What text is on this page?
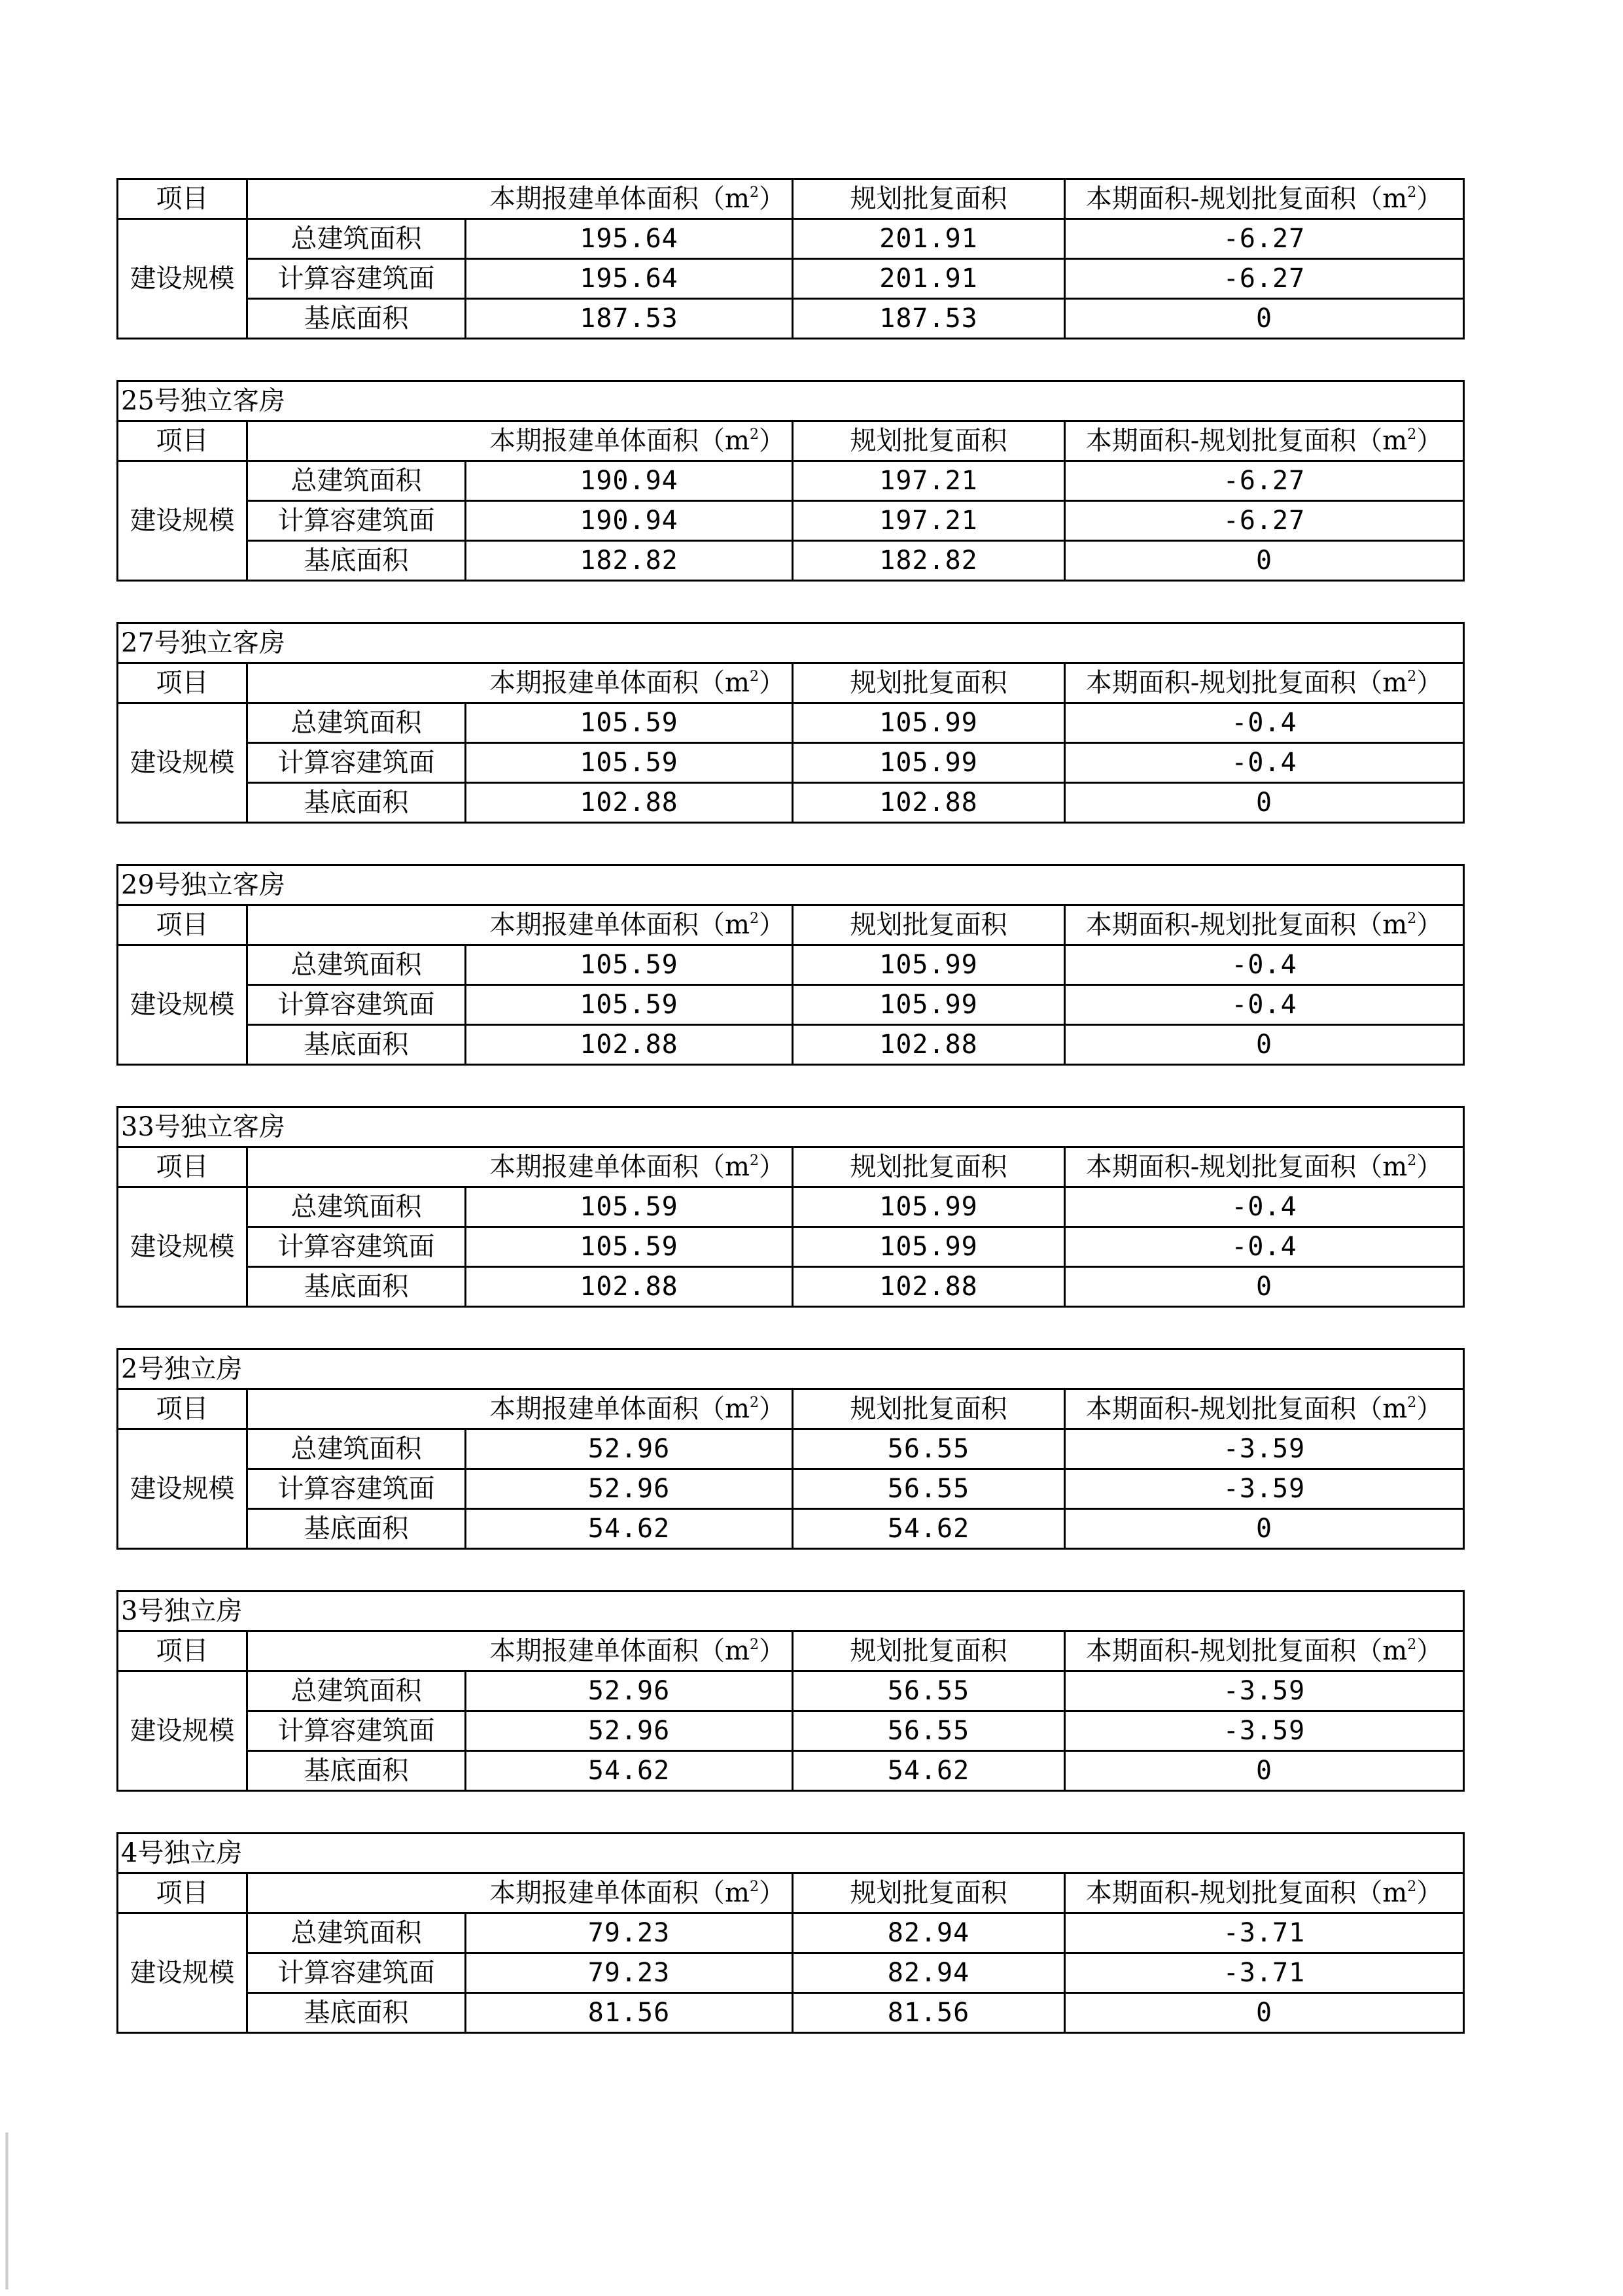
项目		本期报建单体面积$(m^2)$	规划批复面积	本期面积-规划批复面积$(m^2)$
建设规模	总建筑面积	195.64	201.91	-6.27
	计算容建筑面	195.64	201.91	-6.27
	基底面积	187.53	187.53	0
25号独立客房				
项目		本期报建单体面积$(m^2)$	规划批复面积	本期面积-规划批复面积$(m^2)$
建设规模	总建筑面积	190.94	197.21	-6.27
	计算容建筑面	190.94	197.21	-6.27
	基底面积	182.82	182.82	0
27号独立客房				
项目		本期报建单体面积$(m^2)$	规划批复面积	本期面积-规划批复面积$(m^2)$
建设规模	总建筑面积	105.59	105.99	-0.4
	计算容建筑面	105.59	105.99	-0.4
	基底面积	102.88	102.88	0
29号独立客房				
项目		本期报建单体面积$(m^2)$	规划批复面积	本期面积-规划批复面积$(m^2)$
建设规模	总建筑面积	105.59	105.99	-0.4
	计算容建筑面	105.59	105.99	-0.4
	基底面积	102.88	102.88	0
33号独立客房				
项目		本期报建单体面积$(m^2)$	规划批复面积	本期面积-规划批复面积$(m^2)$
建设规模	总建筑面积	105.59	105.99	-0.4
	计算容建筑面	105.59	105.99	-0.4
	基底面积	102.88	102.88	0
2号独立房				
项目		本期报建单体面积$(m^2)$	规划批复面积	本期面积-规划批复面积$(m^2)$
建设规模	总建筑面积	52.96	56.55	-3.59
	计算容建筑面	52.96	56.55	-3.59
	基底面积	54.62	54.62	0
3号独立房				
项目		本期报建单体面积$(m^2)$	规划批复面积	本期面积-规划批复面积$(m^2)$
建设规模	总建筑面积	52.96	56.55	-3.59
	计算容建筑面	52.96	56.55	-3.59
	基底面积	54.62	54.62	0
4号独立房				
项目		本期报建单体面积$(m^2)$	规划批复面积	本期面积-规划批复面积$(m^2)$
建设规模	总建筑面积	79.23	82.94	-3.71
	计算容建筑面	79.23	82.94	-3.71
	基底面积	81.56	81.56	0
